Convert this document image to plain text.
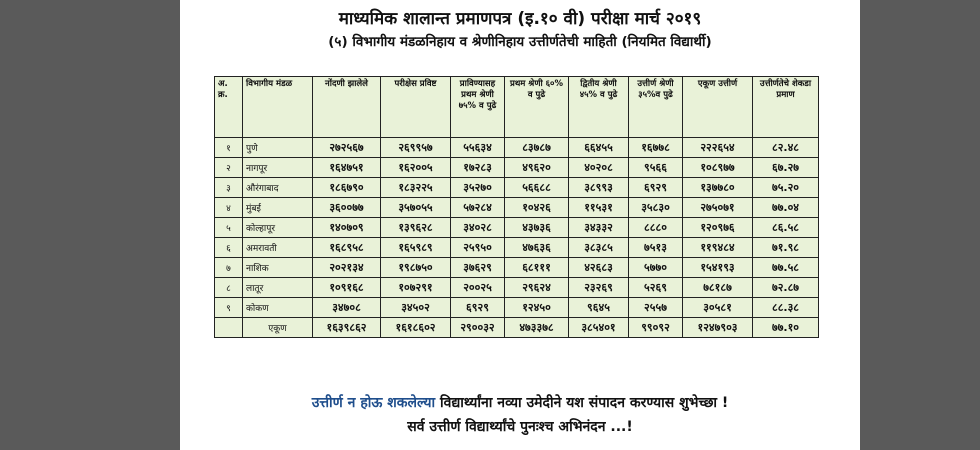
माध्यमिक शालान्त प्रमाणपत्र (इ.१० वी) परीक्षा मार्च २०१९
(५) विभागीय मंडळनिहाय व श्रेणीनिहाय उत्तीर्णतेची माहिती (नियमित विद्यार्थी)
अ. क्र.	विभागीय मंडळ	नोंदणी झालेले	परीक्षेस प्रविष्ट	प्राविण्यासह प्रथम श्रेणी ७५% व पुढे	प्रथम श्रेणी ६०% व पुढे	द्वितीय श्रेणी ४५% व पुढे	उत्तीर्ण श्रेणी ३५%व पुढे	एकूण उत्तीर्ण	उत्तीर्णतेचे शेकडा प्रमाण
१	पुणे	२७२५६७	२६९९५७	५५६३४	८३७८७	६६४५५	१६७७८	२२२६५४	८२.४८
२	नागपूर	१६४७५१	१६२००५	१७२८३	४९६२०	४०२०८	९५६६	१०८९७७	६७.२७
३	औरंगाबाद	१८६७९०	१८३२२५	३५२७०	५६६८८	३८९९३	६९२९	१३७७८०	७५.२०
४	मुंबई	३६००७७	३५७०५५	५७२८४	१०४२६	११५३१	३५८३०	२७५०७१	७७.०४
५	कोल्हापूर	१४०७०९	१३९६२८	३४०२८	४३७३६	३४३३२	८८८०	१२०९७६	८६.५८
६	अमरावती	१६८९५८	१६५९८९	२५९५०	४७६३६	३८३८५	७५१३	११९४८४	७१.९८
७	नाशिक	२०२१३४	१९८७५०	३७६२९	६८१११	४२६८३	५७७०	१५४१९३	७७.५८
८	लातूर	१०९१६८	१०७२९१	२००२५	२९६२४	२३२६९	५२६९	७८१८७	७२.८७
९	कोकण	३४७०८	३४५०२	६९२९	१२४५०	९६४५	२५५७	३०५८१	८८.३८
	एकूण	१६३९८६२	१६१८६०२	२९००३२	४७३३७८	३८५४०१	९९०९२	१२४७९०३	७७.१०
उत्तीर्ण न होऊ शकलेल्या विद्यार्थ्यांना नव्या उमेदीने यश संपादन करण्यास शुभेच्छा !
सर्व उत्तीर्ण विद्यार्थ्यांचे पुनःश्च अभिनंदन ...!
